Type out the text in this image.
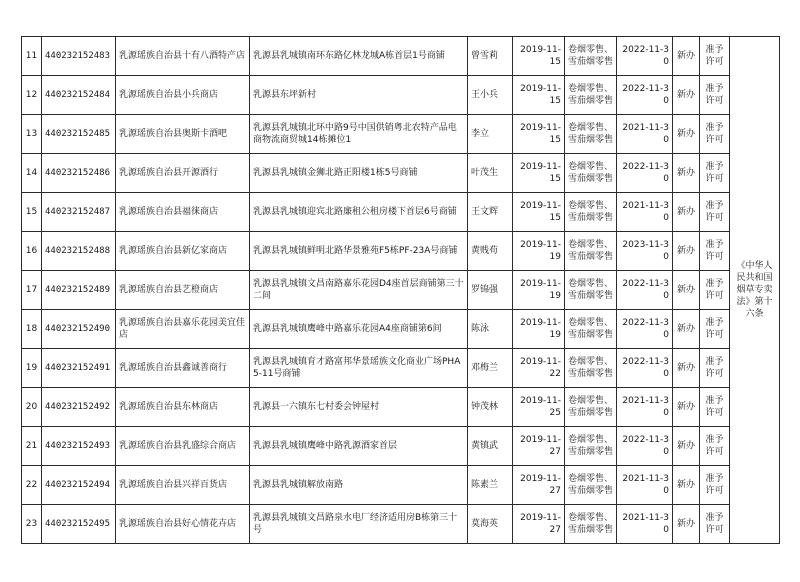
11	440232152483	乳源瑶族自治县十有八酒特产店	乳源县乳城镇南环东路亿林龙城A栋首层1号商铺	曾雪莉	2019-11-15	卷烟零售、雪茄烟零售	2022-11-30	新办	准予许可	《中华人民共和国烟草专卖法》第十六条
12	440232152484	乳源瑶族自治县小兵商店	乳源县东坪新村	王小兵	2019-11-15	卷烟零售、雪茄烟零售	2022-11-30	新办	准予许可	
13	440232152485	乳源瑶族自治县奥斯卡酒吧	乳源县乳城镇北环中路9号中国供销粤北农特产品电商物流商贸城14栋摊位1	李立	2019-11-15	卷烟零售、雪茄烟零售	2021-11-30	新办	准予许可	
14	440232152486	乳源瑶族自治县开源酒行	乳源县乳城镇金狮北路正阳楼1栋5号商铺	叶茂生	2019-11-15	卷烟零售、雪茄烟零售	2022-11-30	新办	准予许可	
15	440232152487	乳源瑶族自治县福徕商店	乳源县乳城镇迎宾北路廉租公租房楼下首层6号商铺	王文辉	2019-11-15	卷烟零售、雪茄烟零售	2021-11-30	新办	准予许可	
16	440232152488	乳源瑶族自治县新亿家商店	乳源县乳城镇鲜明北路华景雅苑F5栋PF-23A号商铺	黄贱苟	2019-11-19	卷烟零售、雪茄烟零售	2023-11-30	新办	准予许可	
17	440232152489	乳源瑶族自治县艺橙商店	乳源县乳城镇文昌南路嘉乐花园D4座首层商铺第三十二间	罗锦强	2019-11-19	卷烟零售、雪茄烟零售	2022-11-30	新办	准予许可	
18	440232152490	乳源瑶族自治县嘉乐花园美宜佳店	乳源县乳城镇鹰峰中路嘉乐花园A4座商铺第6间	陈泳	2019-11-19	卷烟零售、雪茄烟零售	2022-11-30	新办	准予许可	
19	440232152491	乳源瑶族自治县鑫诚善商行	乳源县乳城镇育才路富邦华景瑶族文化商业广场PHA5-11号商铺	邓梅兰	2019-11-22	卷烟零售、雪茄烟零售	2022-11-30	新办	准予许可	
20	440232152492	乳源瑶族自治县东林商店	乳源县一六镇东七村委会钟屋村	钟茂林	2019-11-25	卷烟零售、雪茄烟零售	2021-11-30	新办	准予许可	
21	440232152493	乳源瑶族自治县乳盛综合商店	乳源县乳城镇鹰峰中路乳源酒家首层	黄镇武	2019-11-27	卷烟零售、雪茄烟零售	2022-11-30	新办	准予许可	
22	440232152494	乳源瑶族自治县兴祥百货店	乳源县乳城镇解放南路	陈素兰	2019-11-27	卷烟零售、雪茄烟零售	2021-11-30	新办	准予许可	
23	440232152495	乳源瑶族自治县好心情花卉店	乳源县乳城镇文昌路泉水电厂经济适用房B栋第三十号	莫海英	2019-11-27	卷烟零售、雪茄烟零售	2021-11-30	新办	准予许可	
